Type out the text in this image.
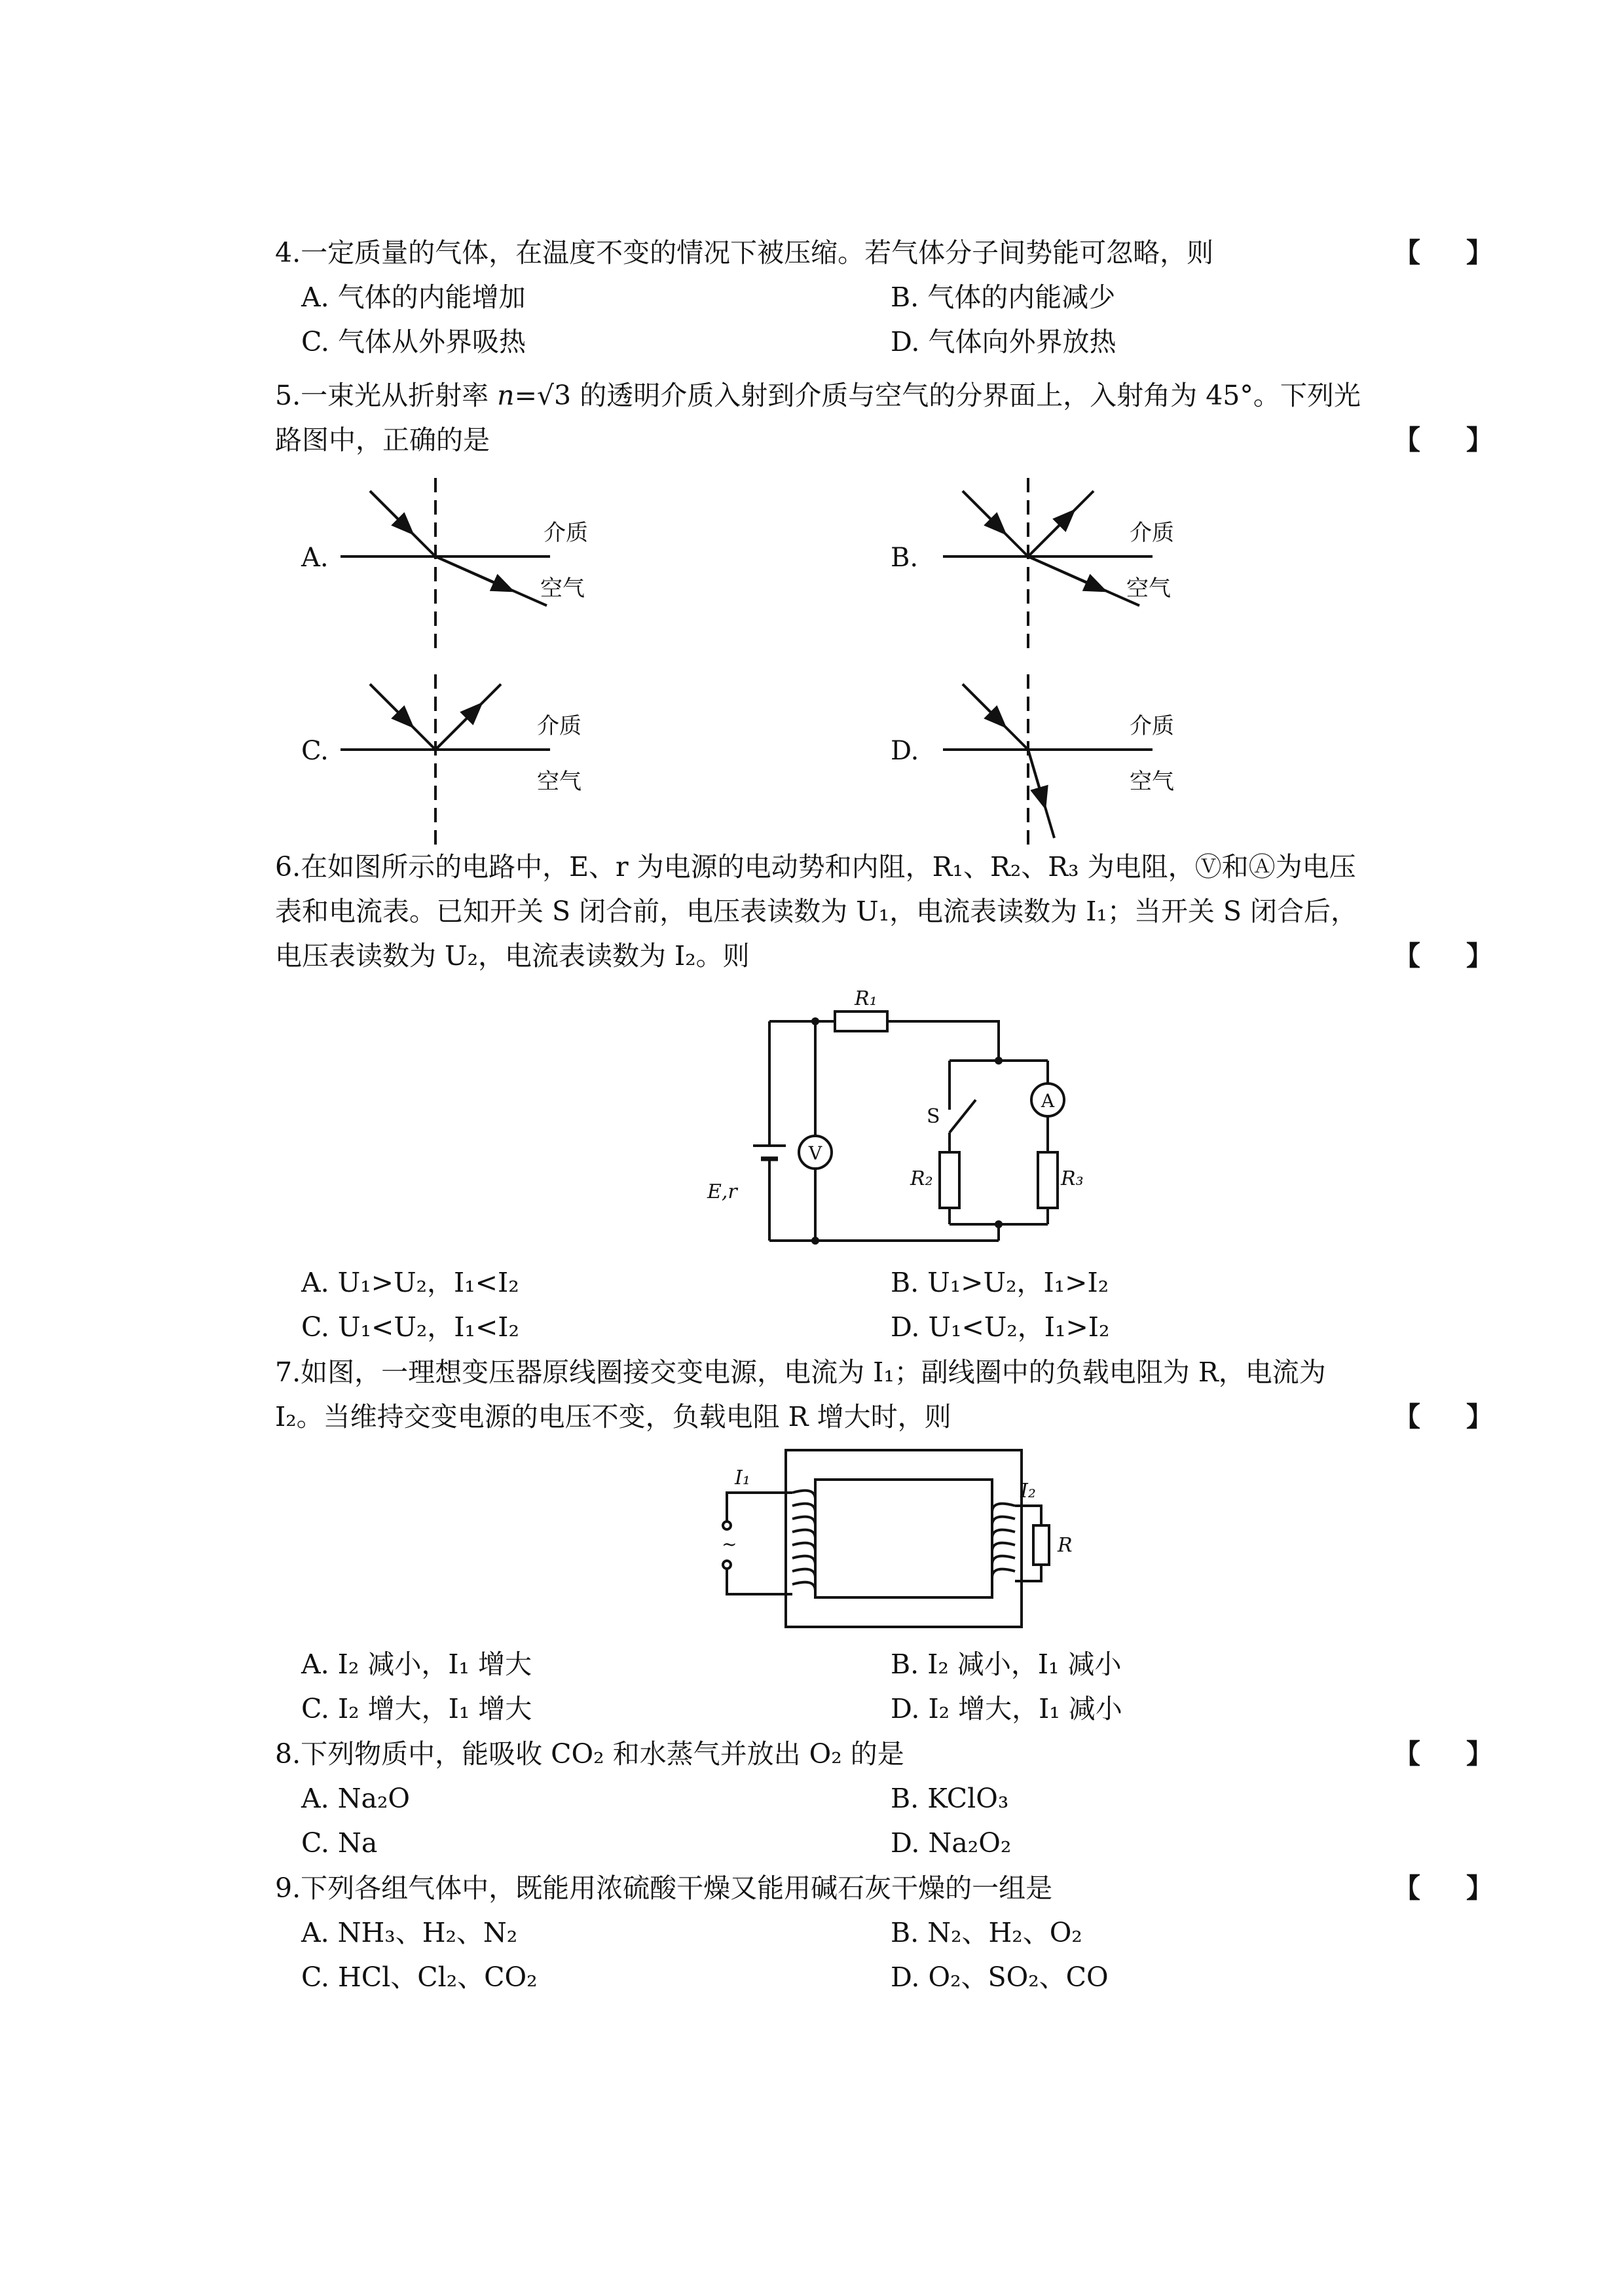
4.一定质量的气体，在温度不变的情况下被压缩。若气体分子间势能可忽略，则	【 】
A. 气体的内能增加	B. 气体的内能减少
C. 气体从外界吸热	D. 气体向外界放热
5.一束光从折射率 n=√3 的透明介质入射到介质与空气的分界面上，入射角为 45°。下列光路图中，正确的是	【 】
A.
介质
空气
B.
介质
空气
C.
介质
空气
D.
介质
空气
6.在如图所示的电路中，E、r 为电源的电动势和内阻，R₁、R₂、R₃ 为电阻，Ⓥ和Ⓐ为电压表和电流表。已知开关 S 闭合前，电压表读数为 U₁，电流表读数为 I₁；当开关 S 闭合后，电压表读数为 U₂，电流表读数为 I₂。则	【 】
R₁
R₂	R₃
S
E,r
V
A
A. U₁>U₂，I₁<I₂	B. U₁>U₂，I₁>I₂
C. U₁<U₂，I₁<I₂	D. U₁<U₂，I₁>I₂
7.如图，一理想变压器原线圈接交变电源，电流为 I₁；副线圈中的负载电阻为 R，电流为 I₂。当维持交变电源的电压不变，负载电阻 R 增大时，则	【 】
I₁
I₂
R
~
A. I₂ 减小，I₁ 增大	B. I₂ 减小，I₁ 减小
C. I₂ 增大，I₁ 增大	D. I₂ 增大，I₁ 减小
8.下列物质中，能吸收 CO₂ 和水蒸气并放出 O₂ 的是	【 】
A. Na₂O	B. KClO₃
C. Na	D. Na₂O₂
9.下列各组气体中，既能用浓硫酸干燥又能用碱石灰干燥的一组是	【 】
A. NH₃、H₂、N₂	B. N₂、H₂、O₂
C. HCl、Cl₂、CO₂	D. O₂、SO₂、CO
